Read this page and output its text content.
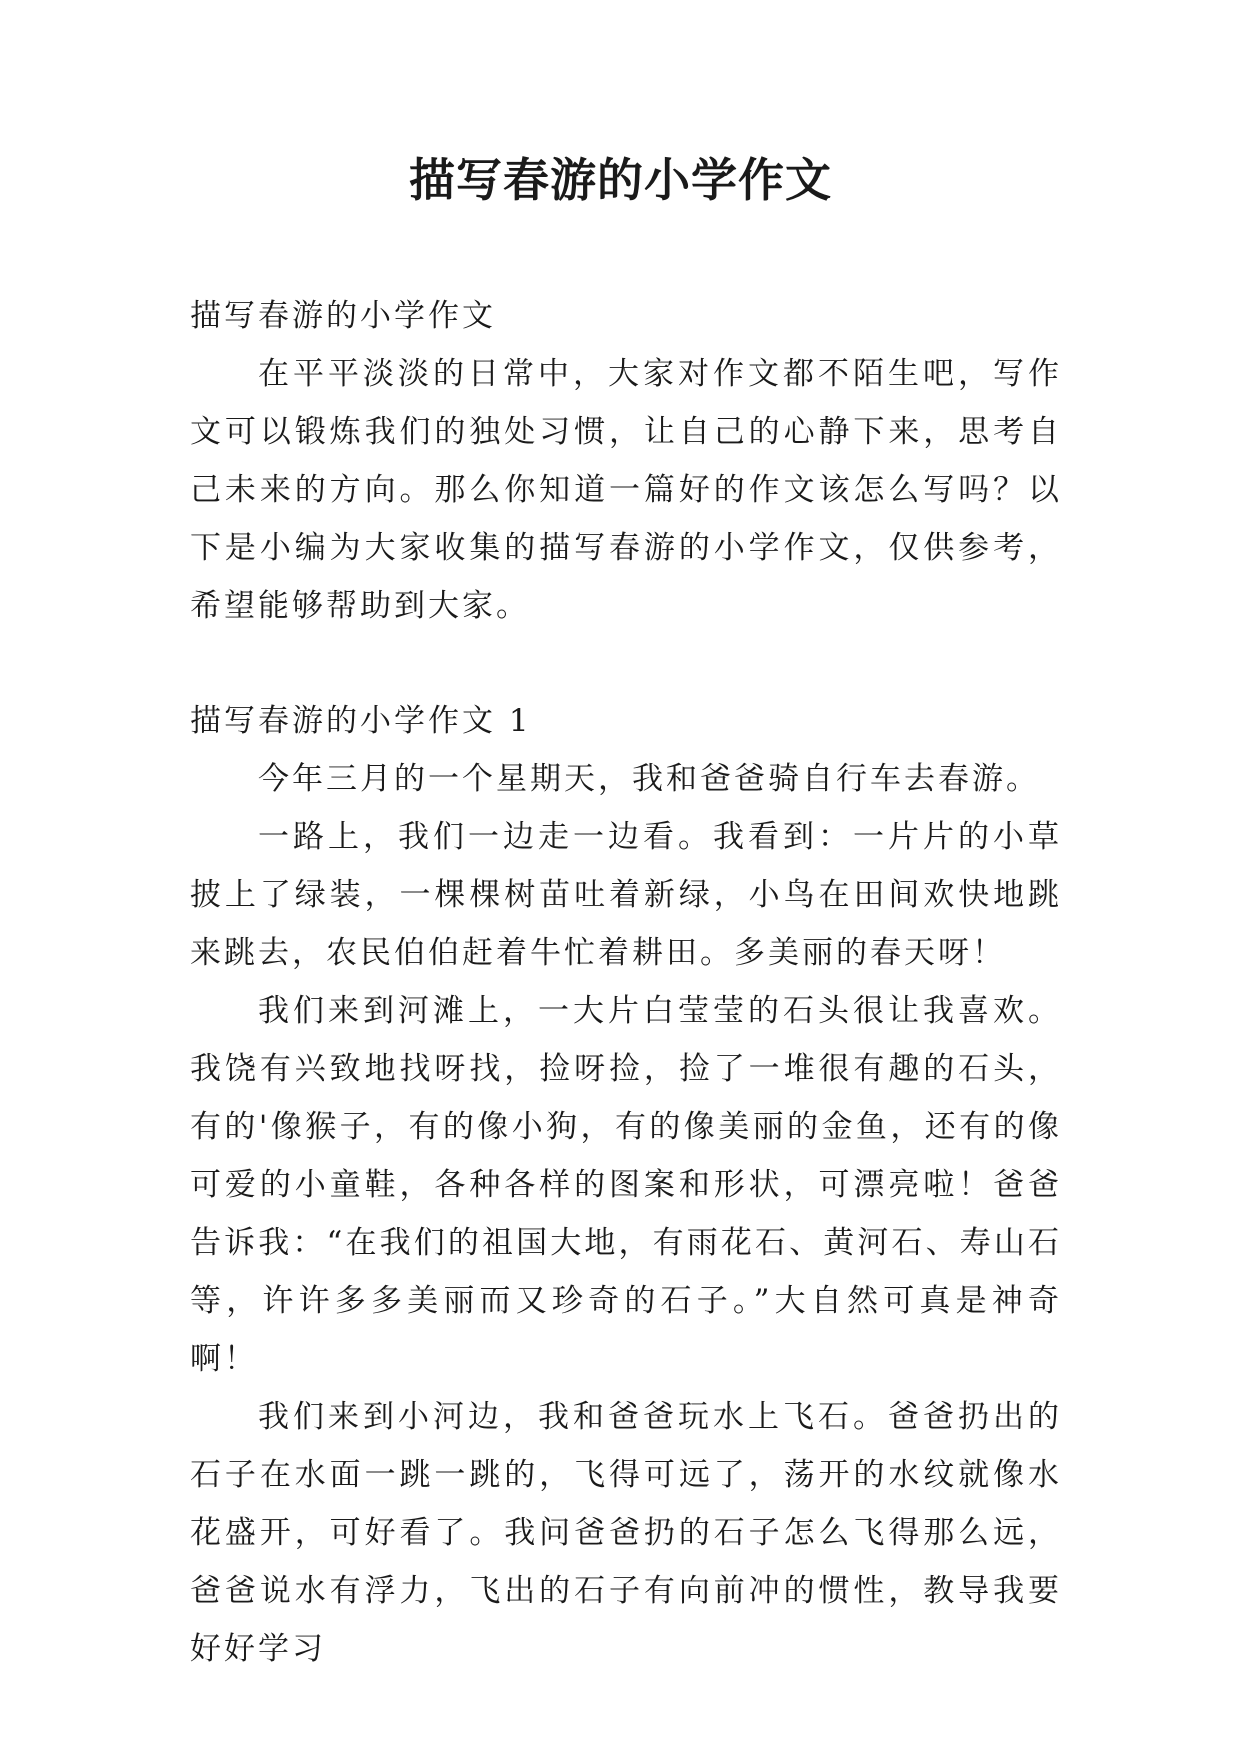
描写春游的小学作文

描写春游的小学作文

在平平淡淡的日常中，大家对作文都不陌生吧，写作文可以锻炼我们的独处习惯，让自己的心静下来，思考自己未来的方向。那么你知道一篇好的作文该怎么写吗？以下是小编为大家收集的描写春游的小学作文，仅供参考，希望能够帮助到大家。

描写春游的小学作文 1

今年三月的一个星期天，我和爸爸骑自行车去春游。

一路上，我们一边走一边看。我看到：一片片的小草披上了绿装，一棵棵树苗吐着新绿，小鸟在田间欢快地跳来跳去，农民伯伯赶着牛忙着耕田。多美丽的春天呀！

我们来到河滩上，一大片白莹莹的石头很让我喜欢。我饶有兴致地找呀找，捡呀捡，捡了一堆很有趣的石头，有的'像猴子，有的像小狗，有的像美丽的金鱼，还有的像可爱的小童鞋，各种各样的图案和形状，可漂亮啦！爸爸告诉我：“在我们的祖国大地，有雨花石、黄河石、寿山石等，许许多多美丽而又珍奇的石子。”大自然可真是神奇啊！

我们来到小河边，我和爸爸玩水上飞石。爸爸扔出的石子在水面一跳一跳的，飞得可远了，荡开的水纹就像水花盛开，可好看了。我问爸爸扔的石子怎么飞得那么远，爸爸说水有浮力，飞出的石子有向前冲的惯性，教导我要好好学习
